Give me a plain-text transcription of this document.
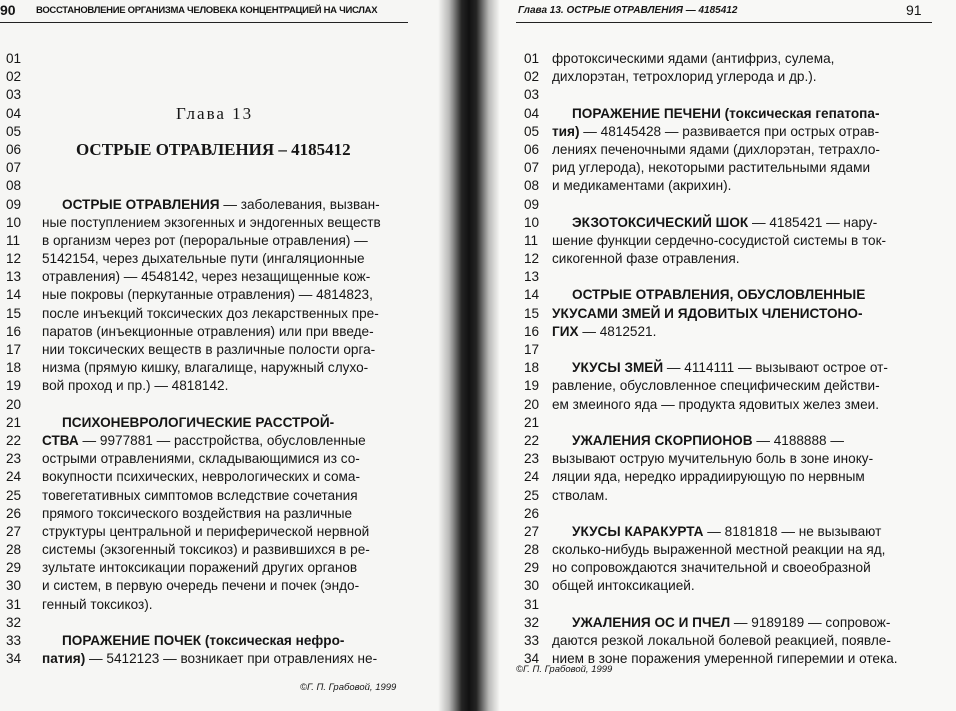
90 ВОССТАНОВЛЕНИЕ ОРГАНИЗМА ЧЕЛОВЕКА КОНЦЕНТРАЦИЕЙ НА ЧИСЛАХ
01
02
03
04	Глава 13
05
06	ОСТРЫЕ ОТРАВЛЕНИЯ – 4185412
07
08
09	ОСТРЫЕ ОТРАВЛЕНИЯ — заболевания, вызван-
10	ные поступлением экзогенных и эндогенных веществ
11	в организм через рот (пероральные отравления) —
12	5142154, через дыхательные пути (ингаляционные
13	отравления) — 4548142, через незащищенные кож-
14	ные покровы (перкутанные отравления) — 4814823,
15	после инъекций токсических доз лекарственных пре-
16	паратов (инъекционные отравления) или при введе-
17	нии токсических веществ в различные полости орга-
18	низма (прямую кишку, влагалище, наружный слухо-
19	вой проход и пр.) — 4818142.
20
21	ПСИХОНЕВРОЛОГИЧЕСКИЕ РАССТРОЙ-
22	СТВА — 9977881 — расстройства, обусловленные
23	острыми отравлениями, складывающимися из со-
24	вокупности психических, неврологических и сома-
25	товегетативных симптомов вследствие сочетания
26	прямого токсического воздействия на различные
27	структуры центральной и периферической нервной
28	системы (экзогенный токсикоз) и развившихся в ре-
29	зультате интоксикации поражений других органов
30	и систем, в первую очередь печени и почек (эндо-
31	генный токсикоз).
32
33	ПОРАЖЕНИЕ ПОЧЕК (токсическая нефро-
34	патия) — 5412123 — возникает при отравлениях не-
©Г. П. Грабовой, 1999
Глава 13. ОСТРЫЕ ОТРАВЛЕНИЯ — 4185412	91
01 фротоксическими ядами (антифриз, сулема,
02 дихлорэтан, тетрохлорид углерода и др.).
03
04	ПОРАЖЕНИЕ ПЕЧЕНИ (токсическая гепатопа-
05 тия) — 48145428 — развивается при острых отрав-
06 лениях печеночными ядами (дихлорэтан, тетрахло-
07 рид углерода), некоторыми растительными ядами
08 и медикаментами (акрихин).
09
10	ЭКЗОТОКСИЧЕСКИЙ ШОК — 4185421 — нару-
11	шение функции сердечно-сосудистой системы в ток-
12 сикогенной фазе отравления.
13
14	ОСТРЫЕ ОТРАВЛЕНИЯ, ОБУСЛОВЛЕННЫЕ
15 УКУСАМИ ЗМЕЙ И ЯДОВИТЫХ ЧЛЕНИСТОНО-
16 ГИХ — 4812521.
17
18	УКУСЫ ЗМЕЙ — 4114111 — вызывают острое от-
19 равление, обусловленное специфическим действи-
20 ем змеиного яда — продукта ядовитых желез змеи.
21
22	УЖАЛЕНИЯ СКОРПИОНОВ — 4188888 —
23 вызывают острую мучительную боль в зоне иноку-
24 ляции яда, нередко иррадиирующую по нервным
25 стволам.
26
27	УКУСЫ КАРАКУРТА — 8181818 — не вызывают
28 сколько-нибудь выраженной местной реакции на яд,
29 но сопровождаются значительной и своеобразной
30 общей интоксикацией.
31
32	УЖАЛЕНИЯ ОС И ПЧЕЛ — 9189189 — сопровож-
33 даются резкой локальной болевой реакцией, появле-
34 нием в зоне поражения умеренной гиперемии и отека.
©Г. П. Грабовой, 1999
